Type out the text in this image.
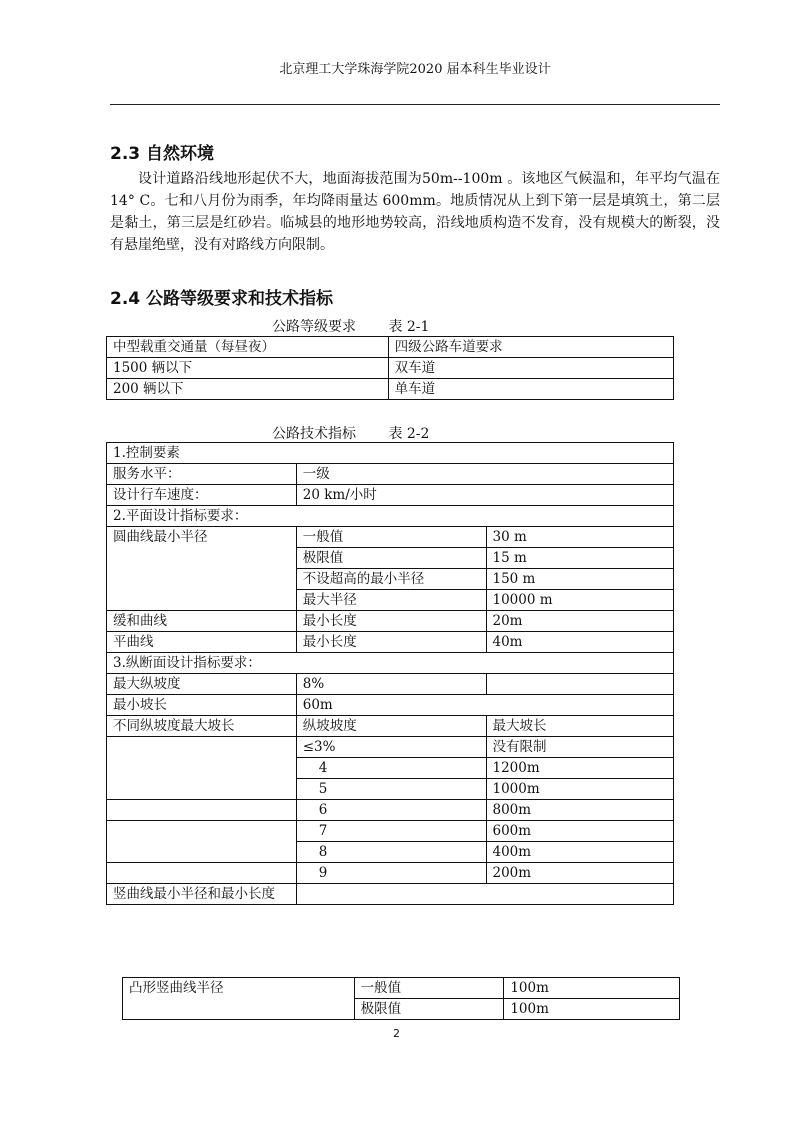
北京理工大学珠海学院2020 届本科生毕业设计
2.3 自然环境
设计道路沿线地形起伏不大，地面海拔范围为50m--100m 。该地区气候温和，年平均气温在 14° C。七和八月份为雨季，年均降雨量达 600mm。地质情况从上到下第一层是填筑土，第二层是黏土，第三层是红砂岩。临城县的地形地势较高，沿线地质构造不发育，没有规模大的断裂，没有悬崖绝壁，没有对路线方向限制。
2.4 公路等级要求和技术指标
公路等级要求　　 表 2-1
中型载重交通量（每昼夜）	四级公路车道要求
1500 辆以下	双车道
200 辆以下	单车道
公路技术指标　　 表 2-2
1.控制要素		
服务水平：	一级	
设计行车速度：	20 km/小时	
2.平面设计指标要求：		
圆曲线最小半径	一般值	30 m
	极限值	15 m
	不设超高的最小半径	150 m
	最大半径	10000 m
缓和曲线	最小长度	20m
平曲线	最小长度	40m
3.纵断面设计指标要求：		
最大纵坡度	8%	
最小坡长	60m	
不同纵坡度最大坡长	纵坡坡度	最大坡长
	≤3%	没有限制
	4	1200m
	5	1000m
	6	800m
	7	600m
	8	400m
	9	200m
竖曲线最小半径和最小长度		
凸形竖曲线半径	一般值	100m
	极限值	100m
2
